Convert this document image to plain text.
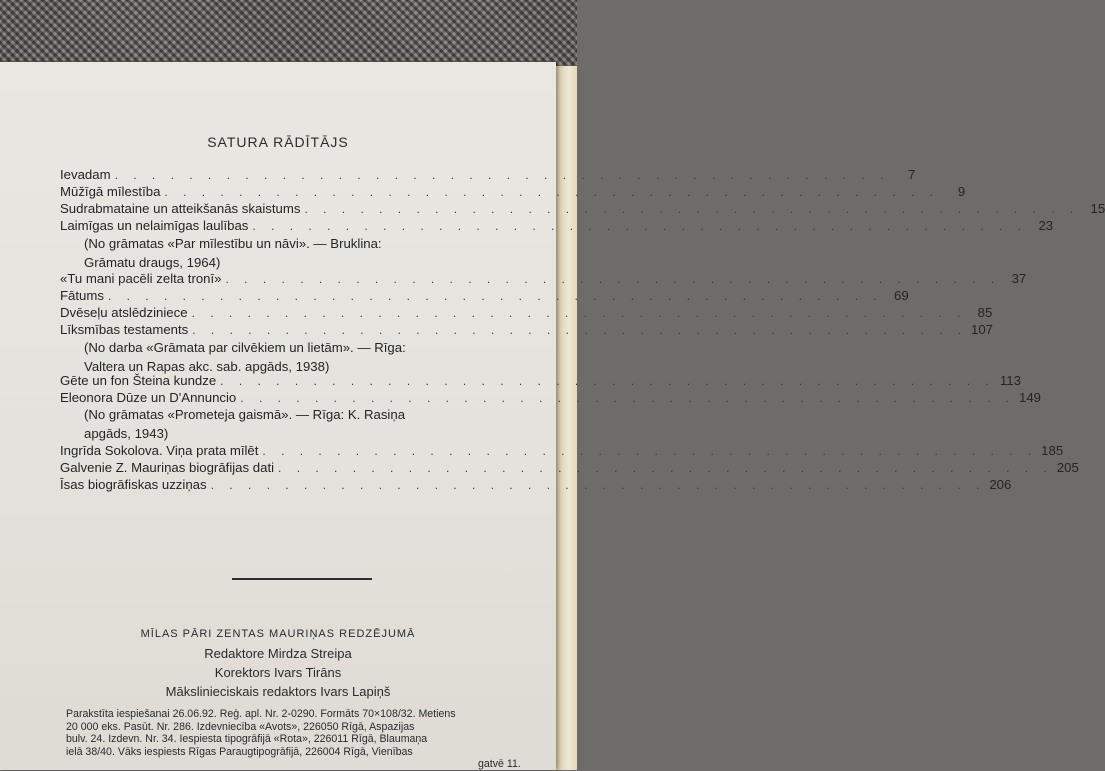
SATURA RĀDĪTĀJS
Ievadam . . . . . . . . . . . . . . . . . . . . . . . . . . . . . . . . . . . . . . . . . .	7
Mūžīgā mīlestība . . . . . . . . . . . . . . . . . . . . . . . . . . . . . . . . . . . . . . . . . .	9
Sudrabmataine un atteikšanās skaistums . . . . . . . . . . . . . . . . . . . . . . . . . . . . . . . . . . . . . . . . . . 15
Laimīgas un nelaimīgas laulības . . . . . . . . . . . . . . . . . . . . . . . . . . . . . . . . . . . . . . . . . . 23
(No grāmatas «Par mīlestību un nāvi». — Bruklina:
Grāmatu draugs, 1964)
«Tu mani pacēli zelta tronī» . . . . . . . . . . . . . . . . . . . . . . . . . . . . . . . . . . . . . . . . . . 37
Fātums . . . . . . . . . . . . . . . . . . . . . . . . . . . . . . . . . . . . . . . . . . 69
Dvēseļu atslēdziniece . . . . . . . . . . . . . . . . . . . . . . . . . . . . . . . . . . . . . . . . . . 85
Līksmības testaments . . . . . . . . . . . . . . . . . . . . . . . . . . . . . . . . . . . . . . . . . . 107
(No darba «Grāmata par cilvēkiem un lietām». — Rīga:
Valtera un Rapas akc. sab. apgāds, 1938)
Gēte un fon Šteina kundze . . . . . . . . . . . . . . . . . . . . . . . . . . . . . . . . . . . . . . . . . . 113
Eleonora Dūze un D'Annuncio . . . . . . . . . . . . . . . . . . . . . . . . . . . . . . . . . . . . . . . . . . 149
(No grāmatas «Prometeja gaismā». — Rīga: K. Rasiņa
apgāds, 1943)
Ingrīda Sokolova. Viņa prata mīlēt . . . . . . . . . . . . . . . . . . . . . . . . . . . . . . . . . . . . . . . . . . 185
Galvenie Z. Mauriņas biogrāfijas dati . . . . . . . . . . . . . . . . . . . . . . . . . . . . . . . . . . . . . . . . . . 205
Īsas biogrāfiskas uzziņas . . . . . . . . . . . . . . . . . . . . . . . . . . . . . . . . . . . . . . . . . . 206
MĪLAS PĀRI ZENTAS MAURIŅAS REDZĒJUMĀ
Redaktore Mirdza Streipa
Korektors Ivars Tirāns
Mākslinieciskais redaktors Ivars Lapiņš
Parakstīta iespiešanai 26.06.92. Reģ. apl. Nr. 2-0290. Formāts 70×108/32. Metiens
20 000 eks. Pasūt. Nr. 286. Izdevniecība «Avots», 226050 Rīgā, Aspazijas
bulv. 24. Izdevn. Nr. 34. Iespiesta tipogrāfijā «Rota», 226011 Rīgā, Blaumaņa
ielā 38/40. Vāks iespiests Rīgas Paraugtipogrāfijā, 226004 Rīgā, Vienības
gatvē 11.
